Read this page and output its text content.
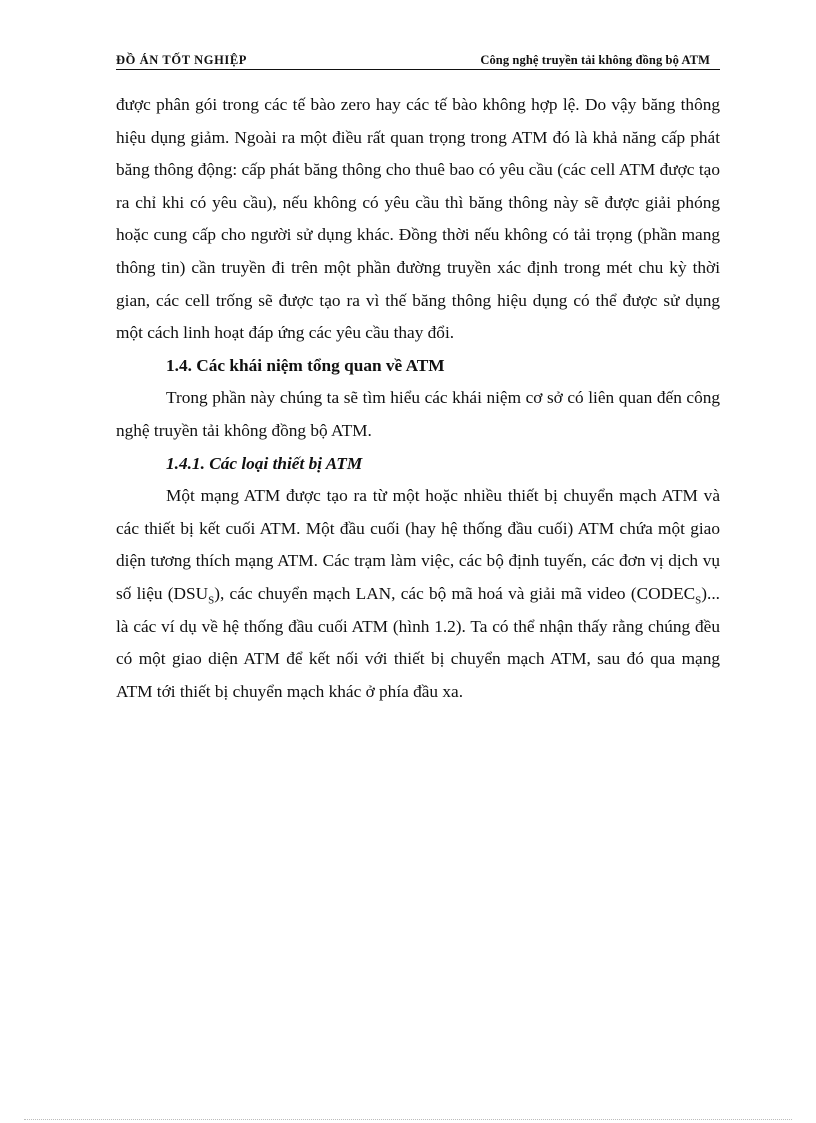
ĐỒ ÁN TỐT NGHIỆP	Công nghệ truyền tải không đồng bộ ATM

được phân gói trong các tế bào zero hay các tế bào không hợp lệ. Do vậy băng thông hiệu dụng giảm. Ngoài ra một điều rất quan trọng trong ATM đó là khả năng cấp phát băng thông động: cấp phát băng thông cho thuê bao có yêu cầu (các cell ATM được tạo ra chỉ khi có yêu cầu), nếu không có yêu cầu thì băng thông này sẽ được giải phóng hoặc cung cấp cho người sử dụng khác. Đồng thời nếu không có tải trọng (phần mang thông tin) cần truyền đi trên một phần đường truyền xác định trong mét chu kỳ thời gian, các cell trống sẽ được tạo ra vì thế băng thông hiệu dụng có thể được sử dụng một cách linh hoạt đáp ứng các yêu cầu thay đổi.

1.4. Các khái niệm tổng quan về ATM

Trong phần này chúng ta sẽ tìm hiểu các khái niệm cơ sở có liên quan đến công nghệ truyền tải không đồng bộ ATM.

1.4.1. Các loại thiết bị ATM

Một mạng ATM được tạo ra từ một hoặc nhiều thiết bị chuyển mạch ATM và các thiết bị kết cuối ATM. Một đầu cuối (hay hệ thống đầu cuối) ATM chứa một giao diện tương thích mạng ATM. Các trạm làm việc, các bộ định tuyến, các đơn vị dịch vụ số liệu $(DSU_S)$, các chuyển mạch LAN, các bộ mã hoá và giải mã video $(CODEC_S)$... là các ví dụ về hệ thống đầu cuối ATM (hình 1.2). Ta có thể nhận thấy rằng chúng đều có một giao diện ATM để kết nối với thiết bị chuyển mạch ATM, sau đó qua mạng ATM tới thiết bị chuyển mạch khác ở phía đầu xa.
